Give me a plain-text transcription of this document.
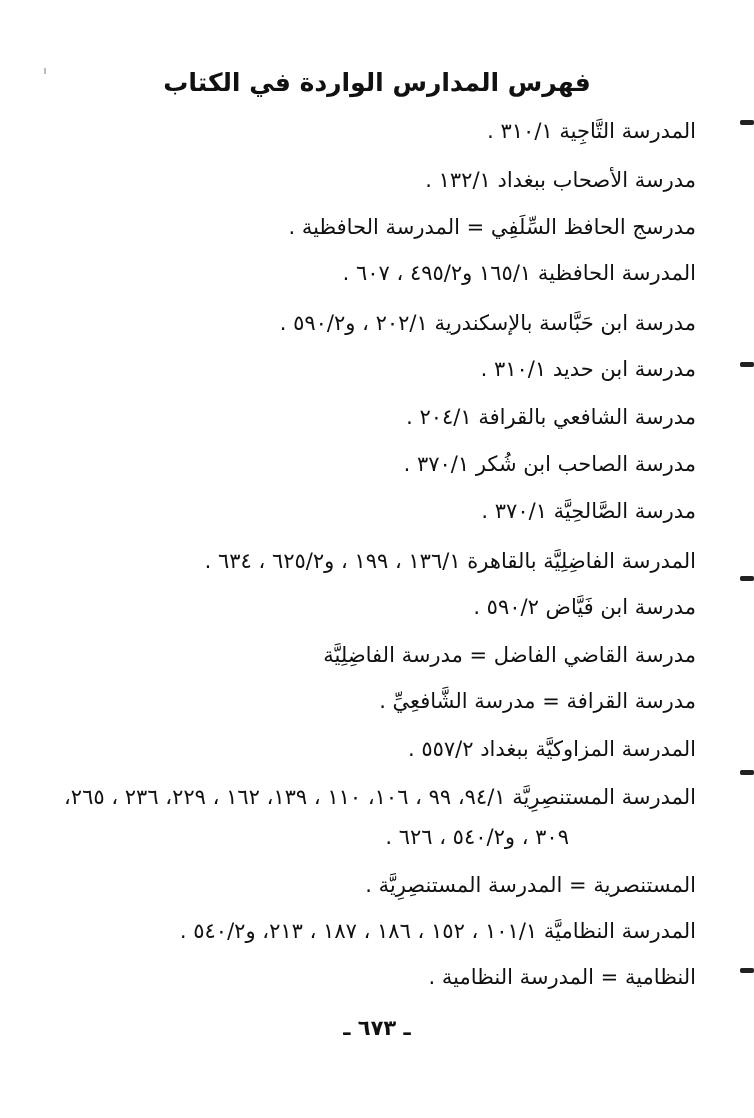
فهرس المدارس الواردة في الكتاب
المدرسة التَّاجِية ٣١٠/١ .
مدرسة الأصحاب ببغداد ١٣٢/١ .
مدرسج الحافظ السِّلَفِي = المدرسة الحافظية .
المدرسة الحافظية ١٦٥/١ و٤٩٥/٢ ، ٦٠٧ .
مدرسة ابن حَبَّاسة بالإسكندرية ٢٠٢/١ ، و٥٩٠/٢ .
مدرسة ابن حديد ٣١٠/١ .
مدرسة الشافعي بالقرافة ٢٠٤/١ .
مدرسة الصاحب ابن شُكر ٣٧٠/١ .
مدرسة الصَّالحِيَّة ٣٧٠/١ .
المدرسة الفاضِلِيَّة بالقاهرة ١٣٦/١ ، ١٩٩ ، و٦٢٥/٢ ، ٦٣٤ .
مدرسة ابن فَيَّاض ٥٩٠/٢ .
مدرسة القاضي الفاضل = مدرسة الفاضِلِيَّة
مدرسة القرافة = مدرسة الشَّافعِيِّ .
المدرسة المزاوكيَّة ببغداد ٥٥٧/٢ .
المدرسة المستنصِرِيَّة ٩٤/١، ٩٩ ، ١٠٦، ١١٠ ، ١٣٩، ١٦٢ ، ٢٢٩، ٢٣٦ ، ٢٦٥،
٣٠٩ ، و٥٤٠/٢ ، ٦٢٦ .
المستنصرية = المدرسة المستنصِرِيَّة .
المدرسة النظاميَّة ١٠١/١ ، ١٥٢ ، ١٨٦ ، ١٨٧ ، ٢١٣، و٥٤٠/٢ .
النظامية = المدرسة النظامية .
ـ ٦٧٣ ـ
